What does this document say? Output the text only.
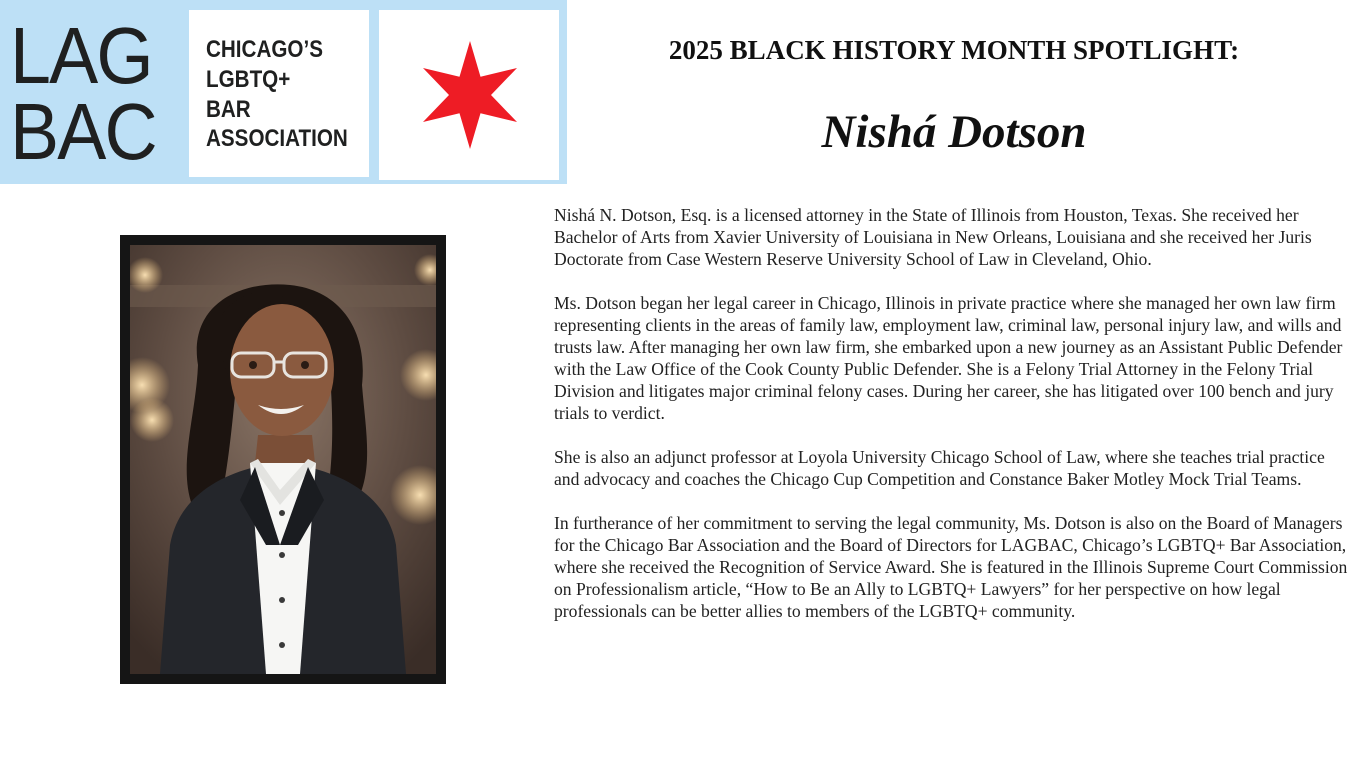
LAG
BAC
CHICAGO’S
LGBTQ+
BAR
ASSOCIATION
2025 BLACK HISTORY MONTH SPOTLIGHT:
Nishá Dotson

Nishá N. Dotson, Esq. is a licensed attorney in the State of Illinois from Houston, Texas. She received her Bachelor of Arts from Xavier University of Louisiana in New Orleans, Louisiana and she received her Juris Doctorate from Case Western Reserve University School of Law in Cleveland, Ohio.

Ms. Dotson began her legal career in Chicago, Illinois in private practice where she managed her own law firm representing clients in the areas of family law, employment law, criminal law, personal injury law, and wills and trusts law. After managing her own law firm, she embarked upon a new journey as an Assistant Public Defender with the Law Office of the Cook County Public Defender. She is a Felony Trial Attorney in the Felony Trial Division and litigates major criminal felony cases. During her career, she has litigated over 100 bench and jury trials to verdict.

She is also an adjunct professor at Loyola University Chicago School of Law, where she teaches trial practice and advocacy and coaches the Chicago Cup Competition and Constance Baker Motley Mock Trial Teams.

In furtherance of her commitment to serving the legal community, Ms. Dotson is also on the Board of Managers for the Chicago Bar Association and the Board of Directors for LAGBAC, Chicago’s LGBTQ+ Bar Association, where she received the Recognition of Service Award. She is featured in the Illinois Supreme Court Commission on Professionalism article, “How to Be an Ally to LGBTQ+ Lawyers” for her perspective on how legal professionals can be better allies to members of the LGBTQ+ community.
